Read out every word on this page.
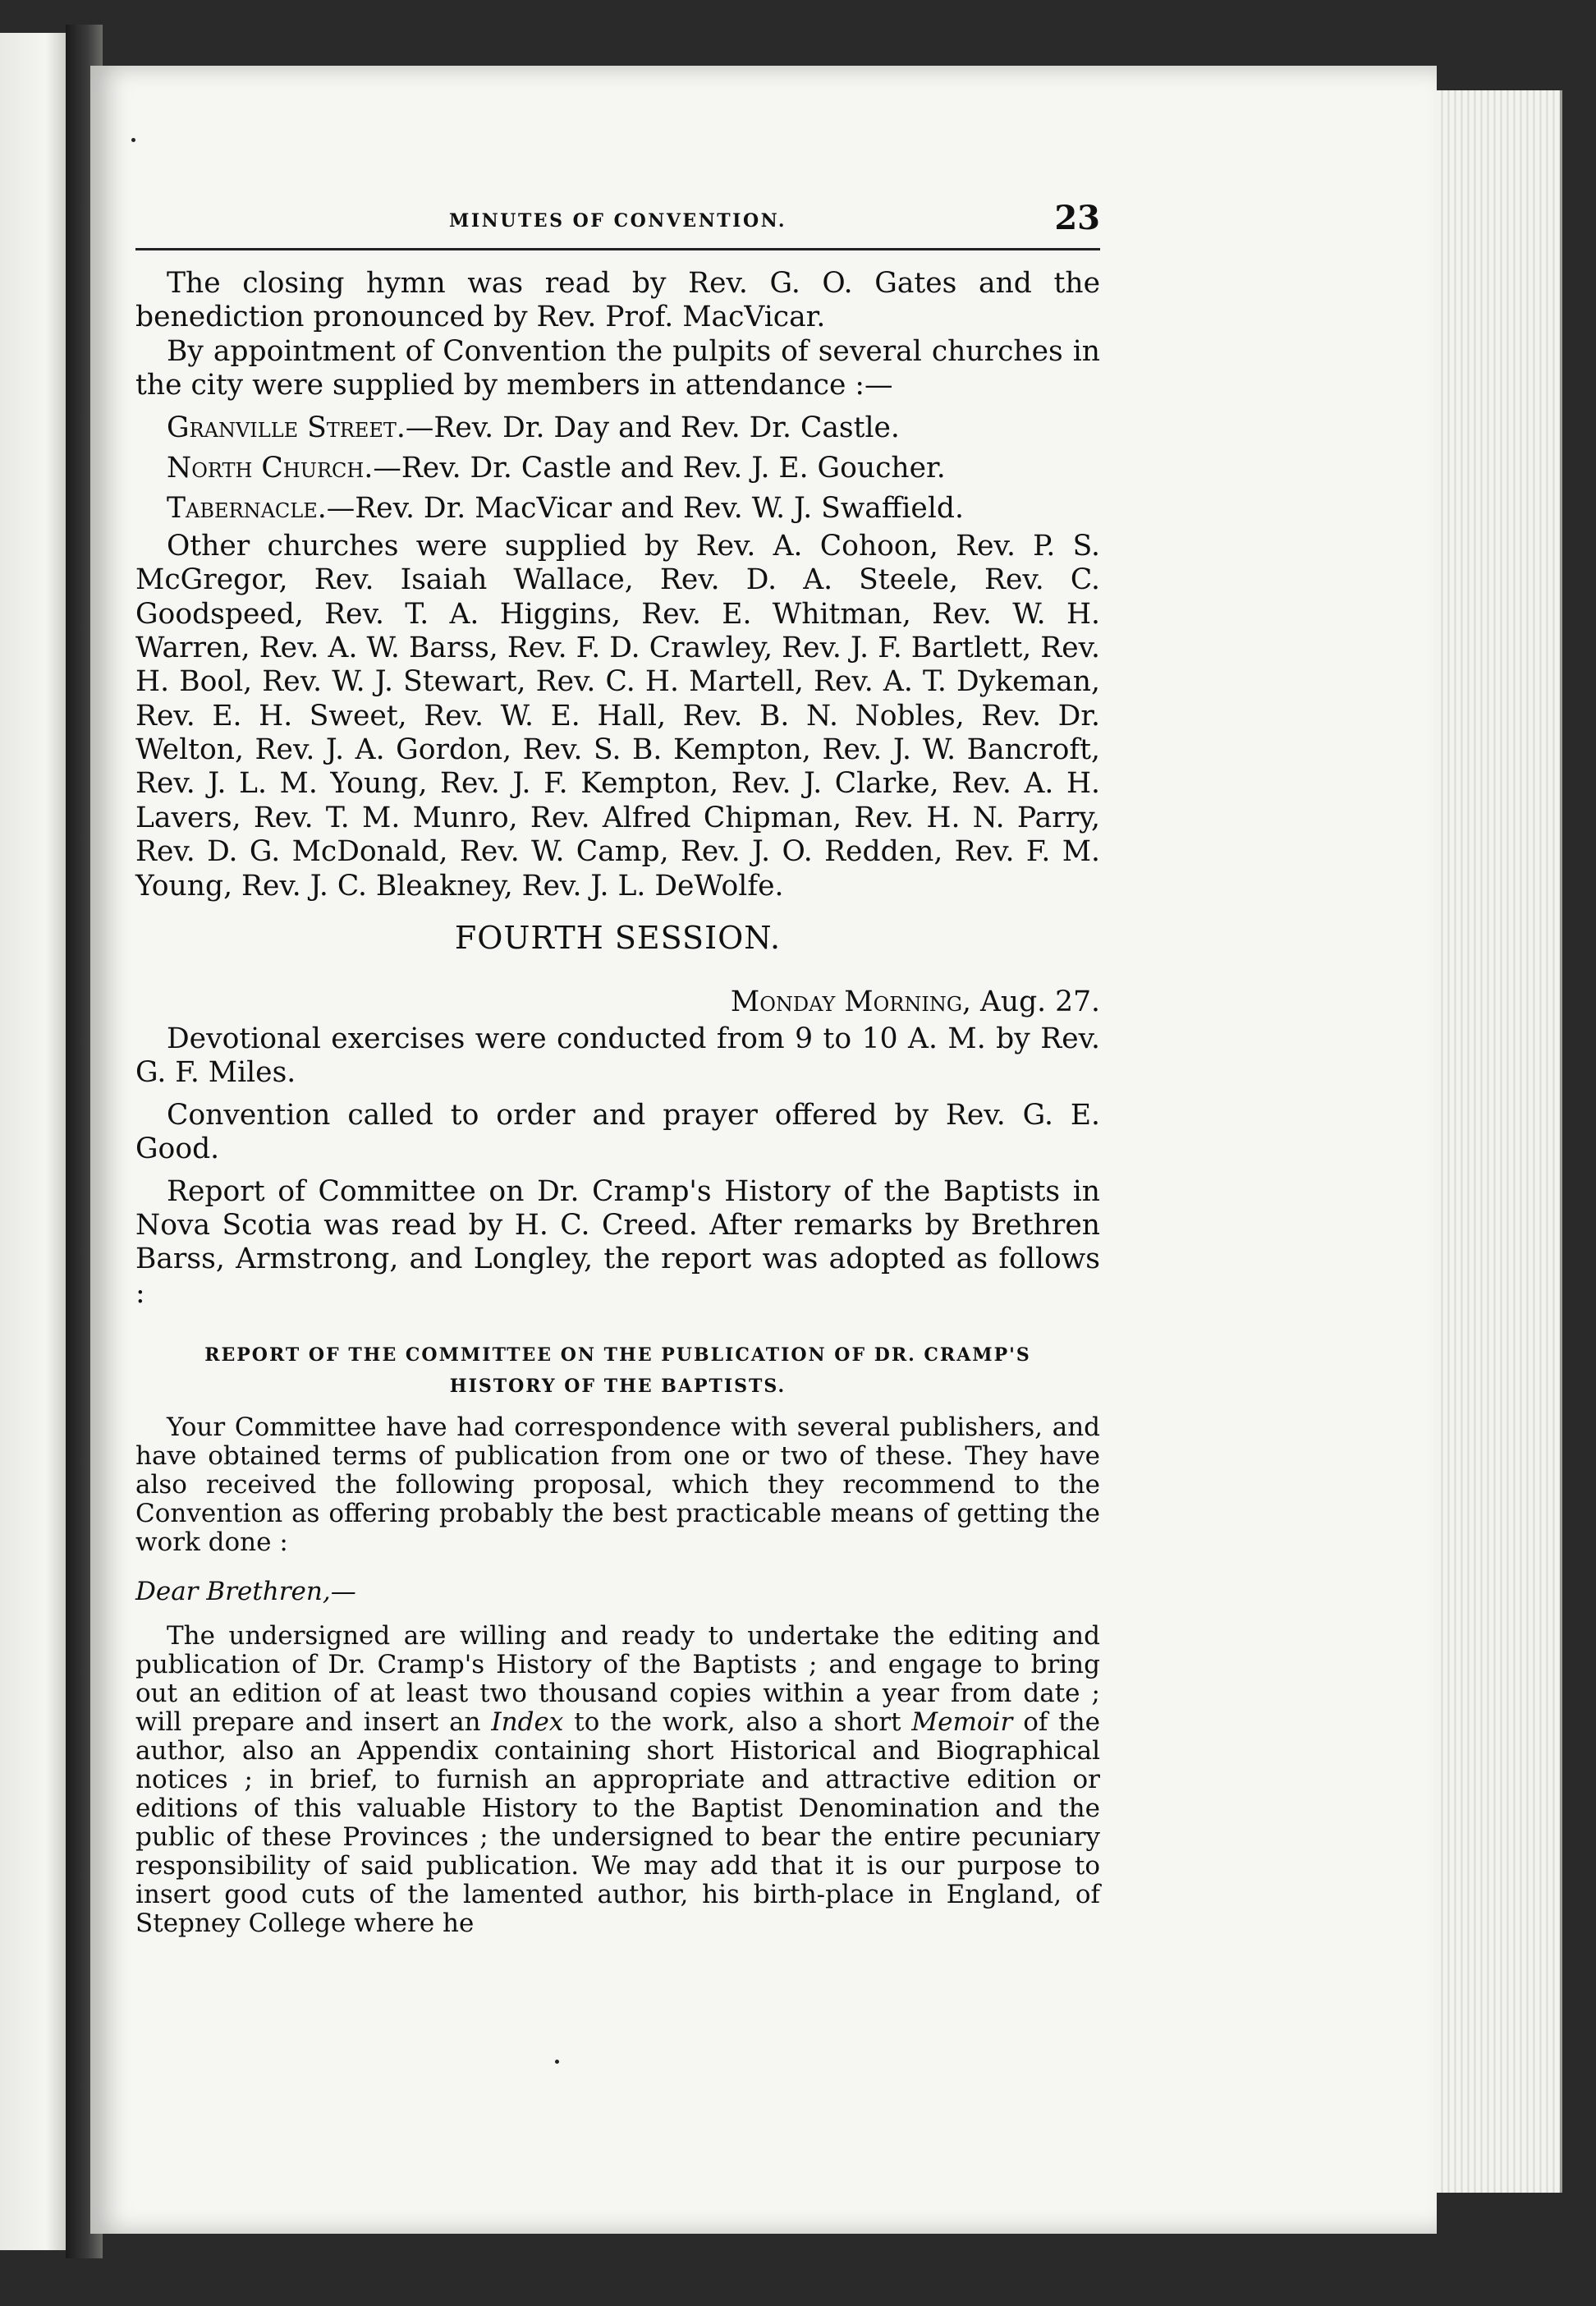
MINUTES OF CONVENTION.	23

The closing hymn was read by Rev. G. O. Gates and the benediction pronounced by Rev. Prof. MacVicar.

By appointment of Convention the pulpits of several churches in the city were supplied by members in attendance :—

Granville Street.—Rev. Dr. Day and Rev. Dr. Castle.

North Church.—Rev. Dr. Castle and Rev. J. E. Goucher.

Tabernacle.—Rev. Dr. MacVicar and Rev. W. J. Swaffield.

Other churches were supplied by Rev. A. Cohoon, Rev. P. S. McGregor, Rev. Isaiah Wallace, Rev. D. A. Steele, Rev. C. Goodspeed, Rev. T. A. Higgins, Rev. E. Whitman, Rev. W. H. Warren, Rev. A. W. Barss, Rev. F. D. Crawley, Rev. J. F. Bartlett, Rev. H. Bool, Rev. W. J. Stewart, Rev. C. H. Martell, Rev. A. T. Dykeman, Rev. E. H. Sweet, Rev. W. E. Hall, Rev. B. N. Nobles, Rev. Dr. Welton, Rev. J. A. Gordon, Rev. S. B. Kempton, Rev. J. W. Bancroft, Rev. J. L. M. Young, Rev. J. F. Kempton, Rev. J. Clarke, Rev. A. H. Lavers, Rev. T. M. Munro, Rev. Alfred Chipman, Rev. H. N. Parry, Rev. D. G. McDonald, Rev. W. Camp, Rev. J. O. Redden, Rev. F. M. Young, Rev. J. C. Bleakney, Rev. J. L. DeWolfe.

FOURTH SESSION.

Monday Morning, Aug. 27.

Devotional exercises were conducted from 9 to 10 A. M. by Rev. G. F. Miles.

Convention called to order and prayer offered by Rev. G. E. Good.

Report of Committee on Dr. Cramp's History of the Baptists in Nova Scotia was read by H. C. Creed. After remarks by Brethren Barss, Armstrong, and Longley, the report was adopted as follows :

REPORT OF THE COMMITTEE ON THE PUBLICATION OF DR. CRAMP'S
HISTORY OF THE BAPTISTS.

Your Committee have had correspondence with several publishers, and have obtained terms of publication from one or two of these. They have also received the following proposal, which they recommend to the Convention as offering probably the best practicable means of getting the work done :

Dear Brethren,—

The undersigned are willing and ready to undertake the editing and publication of Dr. Cramp's History of the Baptists ; and engage to bring out an edition of at least two thousand copies within a year from date ; will prepare and insert an Index to the work, also a short Memoir of the author, also an Appendix containing short Historical and Biographical notices ; in brief, to furnish an appropriate and attractive edition or editions of this valuable History to the Baptist Denomination and the public of these Provinces ; the undersigned to bear the entire pecuniary responsibility of said publication. We may add that it is our purpose to insert good cuts of the lamented author, his birth-place in England, of Stepney College where he
